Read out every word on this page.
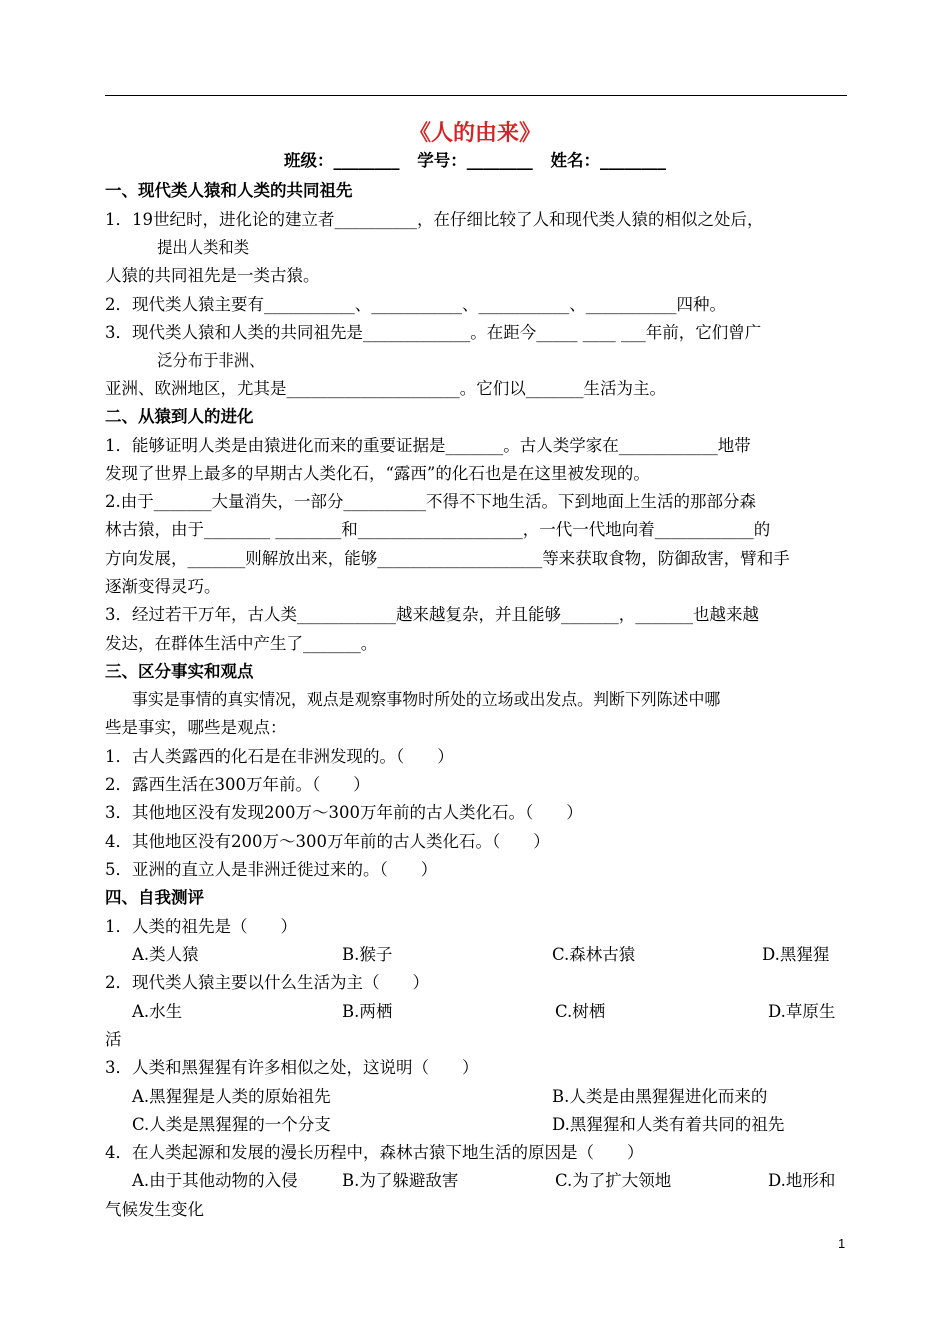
《人的由来》
班级：________ 学号：________ 姓名：________
一、现代类人猿和人类的共同祖先
1．19世纪时，进化论的建立者__________，在仔细比较了人和现代类人猿的相似之处后，
提出人类和类
人猿的共同祖先是一类古猿。
2．现代类人猿主要有___________、___________、___________、___________四种。
3．现代类人猿和人类的共同祖先是_____________。在距今_____ ____ ___年前，它们曾广
泛分布于非洲、
亚洲、欧洲地区，尤其是_____________________。它们以_______生活为主。
二、从猿到人的进化
1．能够证明人类是由猿进化而来的重要证据是_______。古人类学家在____________地带
发现了世界上最多的早期古人类化石，“露西”的化石也是在这里被发现的。
2.由于_______大量消失，一部分__________不得不下地生活。下到地面上生活的那部分森
林古猿，由于________ ________和____________________，一代一代地向着____________的
方向发展，_______则解放出来，能够____________________等来获取食物，防御敌害，臂和手
逐渐变得灵巧。
3．经过若干万年，古人类____________越来越复杂，并且能够_______，_______也越来越
发达，在群体生活中产生了_______。
三、区分事实和观点
事实是事情的真实情况，观点是观察事物时所处的立场或出发点。判断下列陈述中哪
些是事实，哪些是观点：
1．古人类露西的化石是在非洲发现的。（　　）
2．露西生活在300万年前。（　　）
3．其他地区没有发现200万～300万年前的古人类化石。（　　）
4．其他地区没有200万～300万年前的古人类化石。（　　）
5．亚洲的直立人是非洲迁徙过来的。（　　）
四、自我测评
1．人类的祖先是（　　）
A.类人猿	B.猴子	C.森林古猿	D.黑猩猩
2．现代类人猿主要以什么生活为主（　　）
A.水生	B.两栖	C.树栖	D.草原生
活
3．人类和黑猩猩有许多相似之处，这说明（　　）
A.黑猩猩是人类的原始祖先	B.人类是由黑猩猩进化而来的
C.人类是黑猩猩的一个分支	D.黑猩猩和人类有着共同的祖先
4．在人类起源和发展的漫长历程中，森林古猿下地生活的原因是（　　）
A.由于其他动物的入侵	B.为了躲避敌害	C.为了扩大领地	D.地形和
气候发生变化
1
